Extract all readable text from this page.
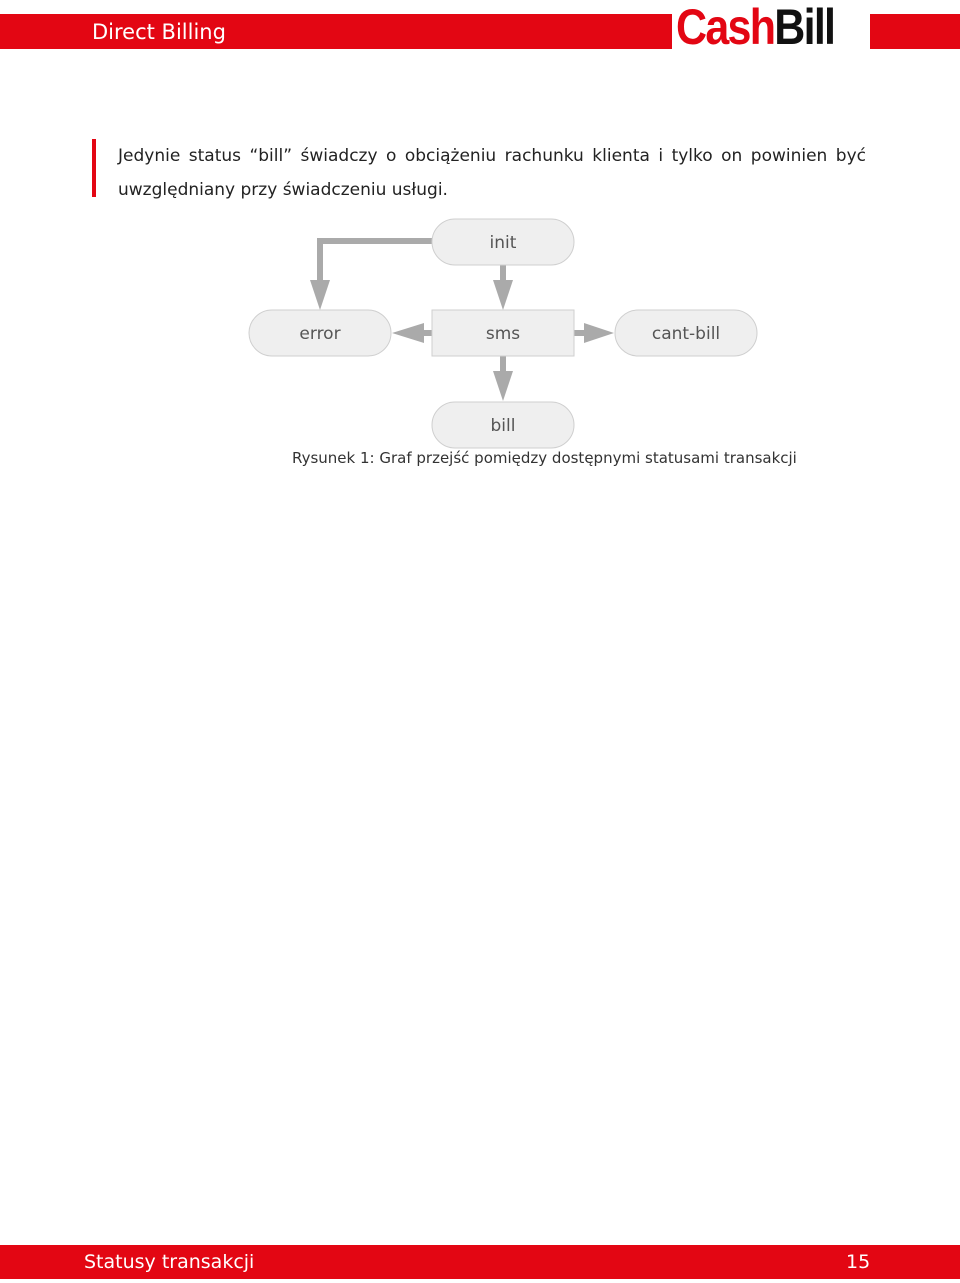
Direct Billing	CashBill
Jedynie status “bill” świadczy o obciążeniu rachunku klienta i tylko on powinien być
uwzględniany przy świadczeniu usługi.
init
error	sms	cant-bill
bill
Rysunek 1: Graf przejść pomiędzy dostępnymi statusami transakcji
Statusy transakcji	15
